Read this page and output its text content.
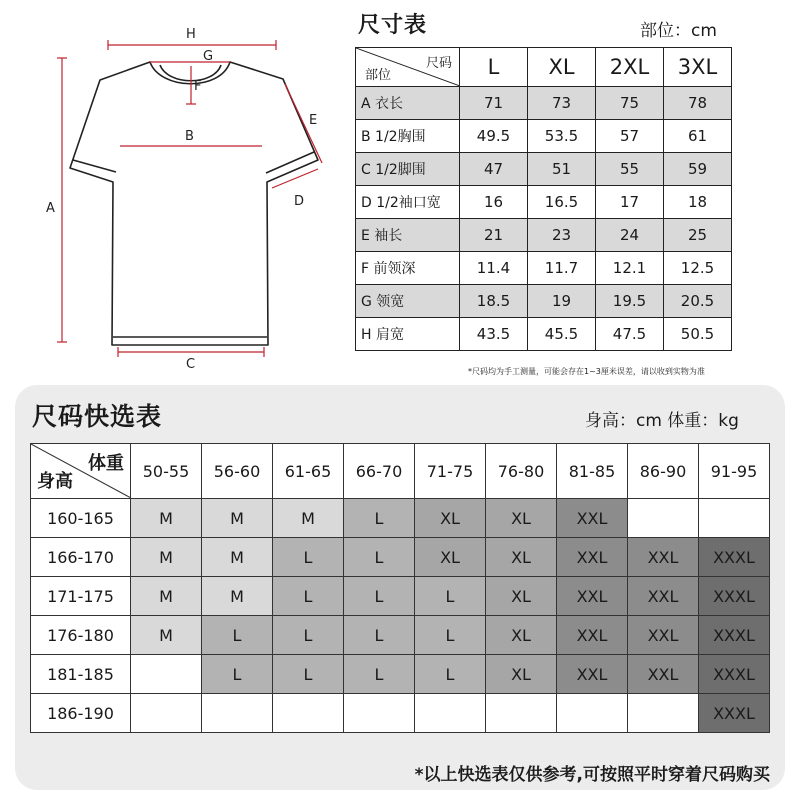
H
G
F
B
A
C
E
D
尺寸表	部位：cm
尺码
部位	L	XL	2XL	3XL
A 衣长	71	73	75	78
B 1/2胸围	49.5	53.5	57	61
C 1/2脚围	47	51	55	59
D 1/2袖口宽	16	16.5	17	18
E 袖长	21	23	24	25
F 前领深	11.4	11.7	12.1	12.5
G 领宽	18.5	19	19.5	20.5
H 肩宽	43.5	45.5	47.5	50.5
*尺码均为手工测量，可能会存在1~3厘米误差，请以收到实物为准
尺码快选表	身高：cm 体重：kg
体重
身高	50-55	56-60	61-65	66-70	71-75	76-80	81-85	86-90	91-95
160-165	M	M	M	L	XL	XL	XXL		
166-170	M	M	L	L	XL	XL	XXL	XXL	XXXL
171-175	M	M	L	L	L	XL	XXL	XXL	XXXL
176-180	M	L	L	L	L	XL	XXL	XXL	XXXL
181-185		L	L	L	L	XL	XXL	XXL	XXXL
186-190									XXXL
*以上快选表仅供参考,可按照平时穿着尺码购买
